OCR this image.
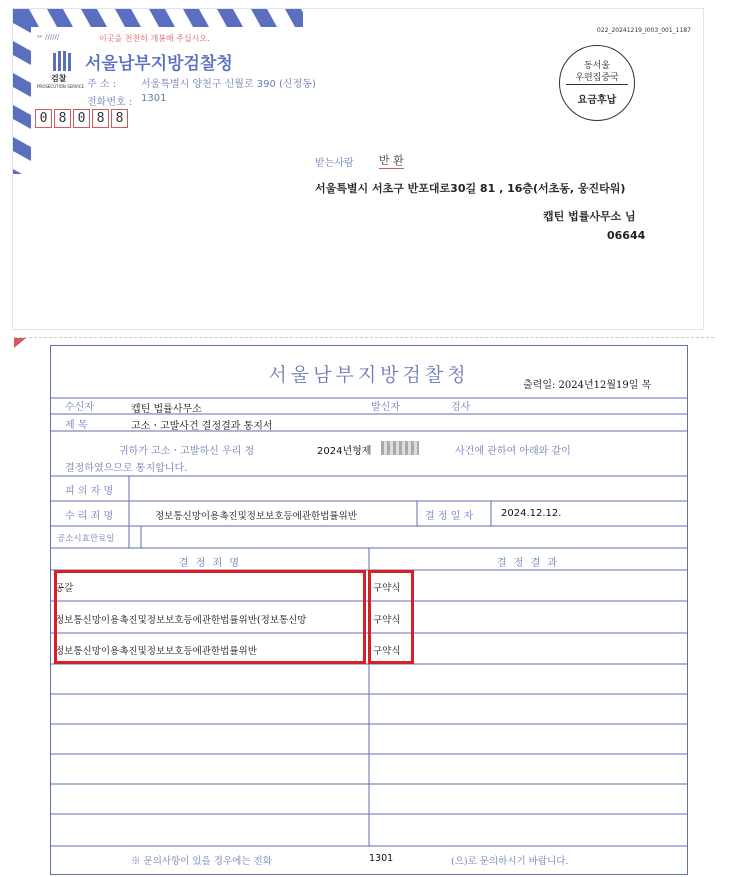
022_20241219_I003_001_1187
✂ //////	이곳을 천천히 개봉해 주십시오.
검찰
PROSECUTION SERVICE
서울남부지방검찰청
주 소 : 서울특별시 양천구 신월로 390 (신정동)
전화번호 : 1301
0 8 0 8 8
동서울
우편집중국
요금후납
받는사람 반 환
서울특별시 서초구 반포대로30길 81 , 16층(서초동, 웅진타워)
캡틴 법률사무소 님
06644
서울남부지방검찰청	출력일: 2024년12월19일 목
수신자	캡틴 법률사무소	발신자	검사
제 목	고소ㆍ고발사건 결정결과 통지서
귀하가 고소ㆍ고발하신 우리 청	2024년형제	사건에 관하여 아래와 같이
결정하였으므로 통지합니다.
피 의 자 명
수 리 죄 명	정보통신망이용촉진및정보보호등에관한법률위반	결 정 일 자	2024.12.12.
공소시효만료일
결 정 죄 명	결 정 결 과
공갈	구약식
정보통신망이용촉진및정보보호등에관한법률위반(정보통신망	구약식
정보통신망이용촉진및정보보호등에관한법률위반	구약식
※ 문의사항이 있을 경우에는 전화	1301	(으)로 문의하시기 바랍니다.
